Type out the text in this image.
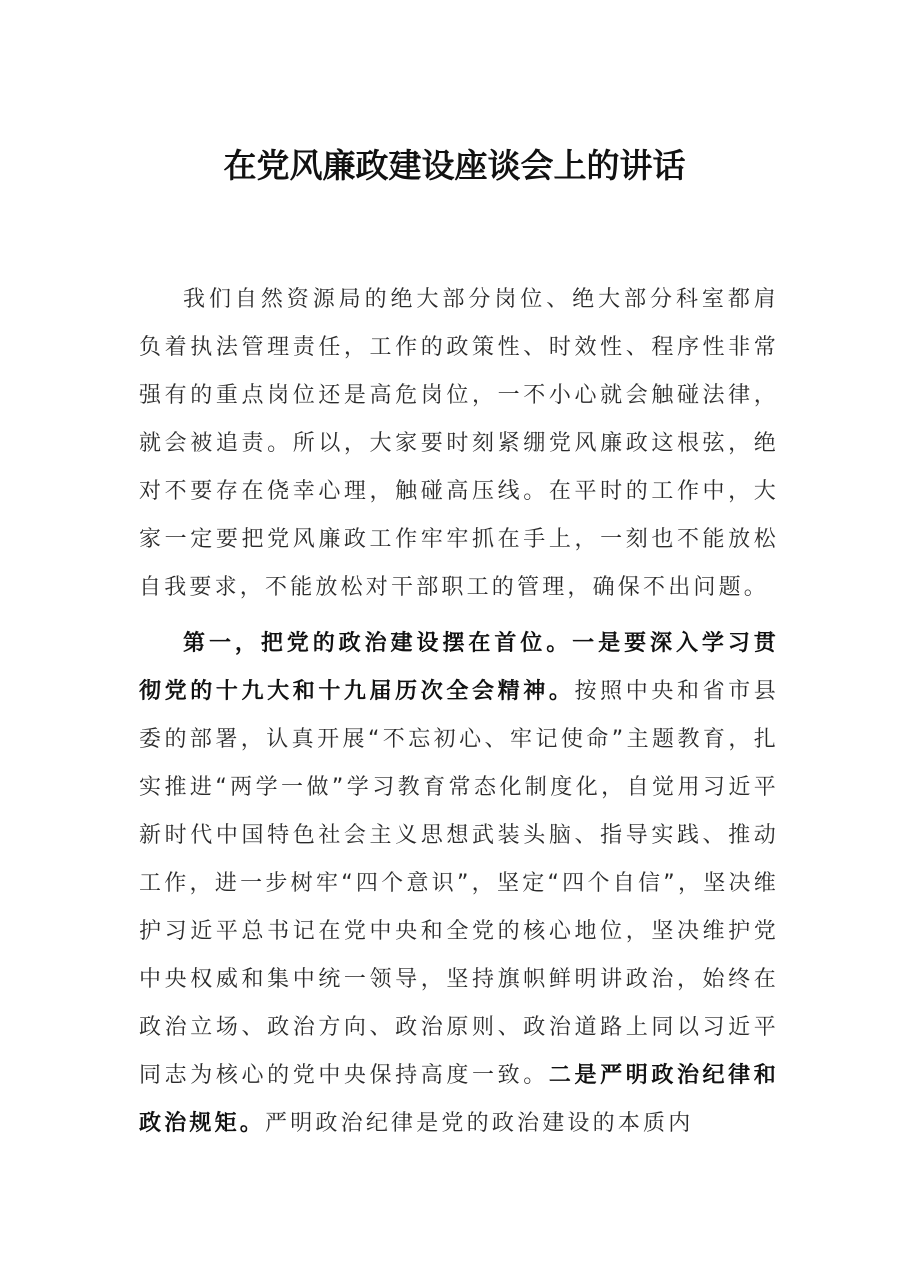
在党风廉政建设座谈会上的讲话

我们自然资源局的绝大部分岗位、绝大部分科室都肩负着执法管理责任，工作的政策性、时效性、程序性非常强有的重点岗位还是高危岗位，一不小心就会触碰法律，就会被追责。所以，大家要时刻紧绷党风廉政这根弦，绝对不要存在侥幸心理，触碰高压线。在平时的工作中，大家一定要把党风廉政工作牢牢抓在手上，一刻也不能放松自我要求，不能放松对干部职工的管理，确保不出问题。

第一，把党的政治建设摆在首位。一是要深入学习贯彻党的十九大和十九届历次全会精神。按照中央和省市县委的部署，认真开展“不忘初心、牢记使命”主题教育，扎实推进“两学一做”学习教育常态化制度化，自觉用习近平新时代中国特色社会主义思想武装头脑、指导实践、推动工作，进一步树牢“四个意识”，坚定“四个自信”，坚决维护习近平总书记在党中央和全党的核心地位，坚决维护党中央权威和集中统一领导，坚持旗帜鲜明讲政治，始终在政治立场、政治方向、政治原则、政治道路上同以习近平同志为核心的党中央保持高度一致。二是严明政治纪律和政治规矩。严明政治纪律是党的政治建设的本质内
